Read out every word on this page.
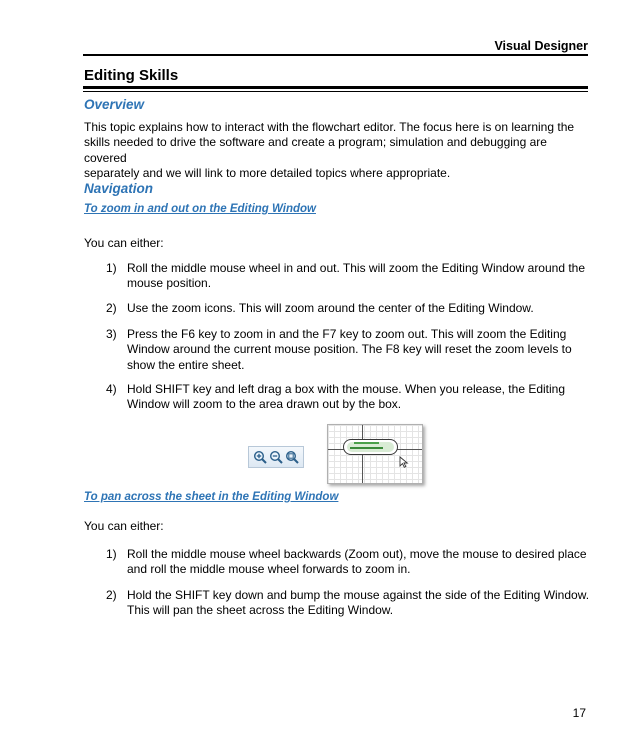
Visual Designer
Editing Skills
Overview
This topic explains how to interact with the flowchart editor. The focus here is on learning the
skills needed to drive the software and create a program; simulation and debugging are covered
separately and we will link to more detailed topics where appropriate.
Navigation
To zoom in and out on the Editing Window
You can either:
1) Roll the middle mouse wheel in and out. This will zoom the Editing Window around the
mouse position.
2) Use the zoom icons. This will zoom around the center of the Editing Window.
3) Press the F6 key to zoom in and the F7 key to zoom out. This will zoom the Editing
Window around the current mouse position. The F8 key will reset the zoom levels to
show the entire sheet.
4) Hold SHIFT key and left drag a box with the mouse. When you release, the Editing
Window will zoom to the area drawn out by the box.
To pan across the sheet in the Editing Window
You can either:
1) Roll the middle mouse wheel backwards (Zoom out), move the mouse to desired place
and roll the middle mouse wheel forwards to zoom in.
2) Hold the SHIFT key down and bump the mouse against the side of the Editing Window.
This will pan the sheet across the Editing Window.
17
